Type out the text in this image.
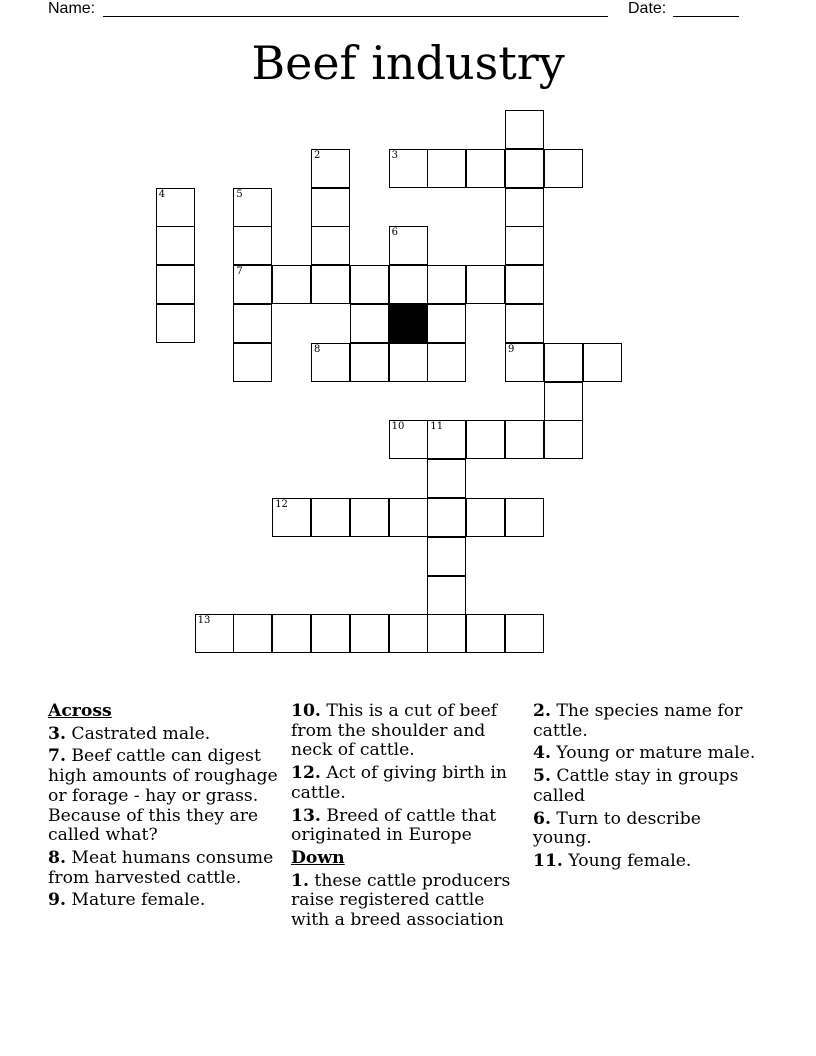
Name:	Date:
Beef industry
2	3
4	5
6
7
8	9
10	11
12
13
Across
3. Castrated male.
7. Beef cattle can digest high amounts of roughage or forage - hay or grass. Because of this they are called what?
8. Meat humans consume from harvested cattle.
9. Mature female.
10. This is a cut of beef from the shoulder and neck of cattle.
12. Act of giving birth in cattle.
13. Breed of cattle that originated in Europe
Down
1. these cattle producers raise registered cattle with a breed association
2. The species name for cattle.
4. Young or mature male.
5. Cattle stay in groups called
6. Turn to describe young.
11. Young female.
